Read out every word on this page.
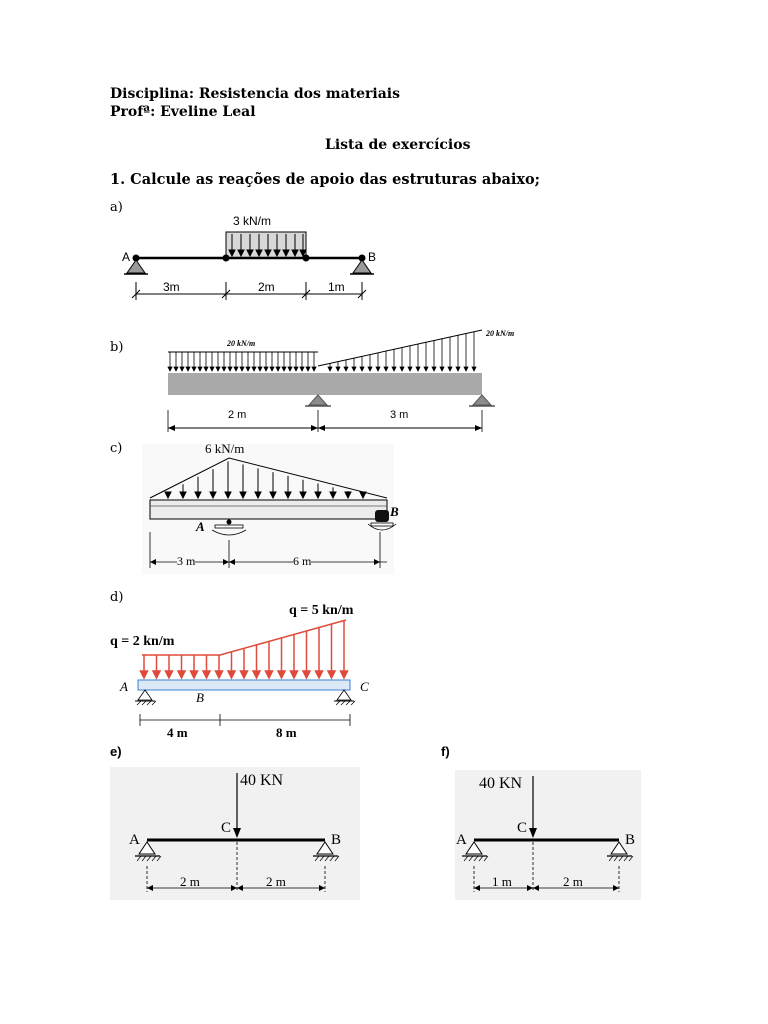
Disciplina: Resistencia dos materiais
Profª: Eveline Leal
Lista de exercícios
1. Calcule as reações de apoio das estruturas abaixo;
a)
3 kN/m
A	B
3m	2m	1m
b)	20 kN/m
20 kN/m
2 m	3 m
c)	6 kN/m
A
B
3 m	6 m
d)
q = 5 kn/m
q = 2 kn/m
A
B
C
4 m	8 m
e)
40 KN
A
C
B
2 m	2 m
f)
40 KN
A
C
B
1 m	2 m
